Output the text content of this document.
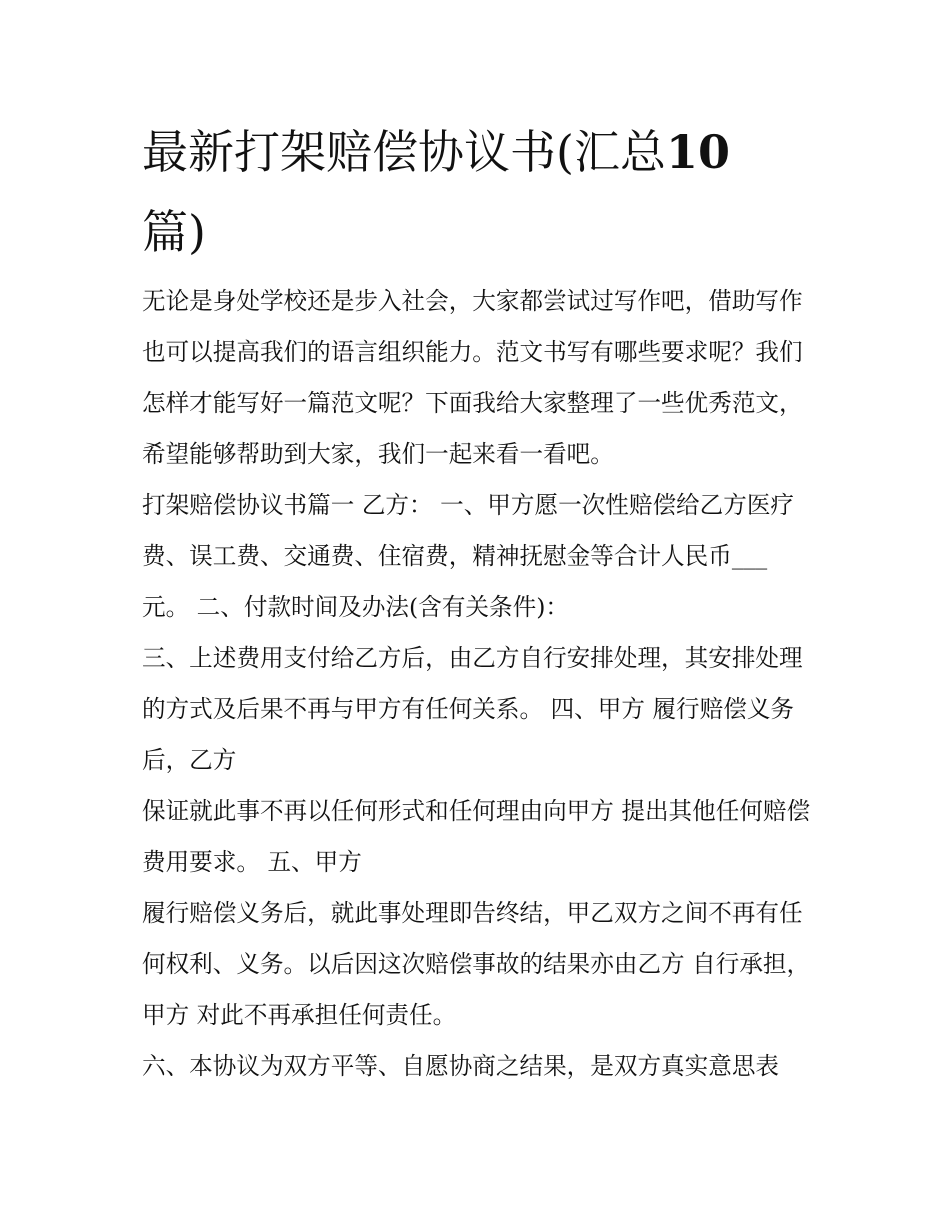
最新打架赔偿协议书(汇总10
篇)

无论是身处学校还是步入社会，大家都尝试过写作吧，借助写作也可以提高我们的语言组织能力。范文书写有哪些要求呢？我们怎样才能写好一篇范文呢？下面我给大家整理了一些优秀范文，希望能够帮助到大家，我们一起来看一看吧。

打架赔偿协议书篇一 乙方： 一、甲方愿一次性赔偿给乙方医疗费、误工费、交通费、住宿费，精神抚慰金等合计人民币___元。 二、付款时间及办法(含有关条件)：

三、上述费用支付给乙方后，由乙方自行安排处理，其安排处理的方式及后果不再与甲方有任何关系。 四、甲方 履行赔偿义务后，乙方

保证就此事不再以任何形式和任何理由向甲方 提出其他任何赔偿费用要求。 五、甲方

履行赔偿义务后，就此事处理即告终结，甲乙双方之间不再有任何权利、义务。以后因这次赔偿事故的结果亦由乙方 自行承担，甲方 对此不再承担任何责任。

六、本协议为双方平等、自愿协商之结果，是双方真实意思表
